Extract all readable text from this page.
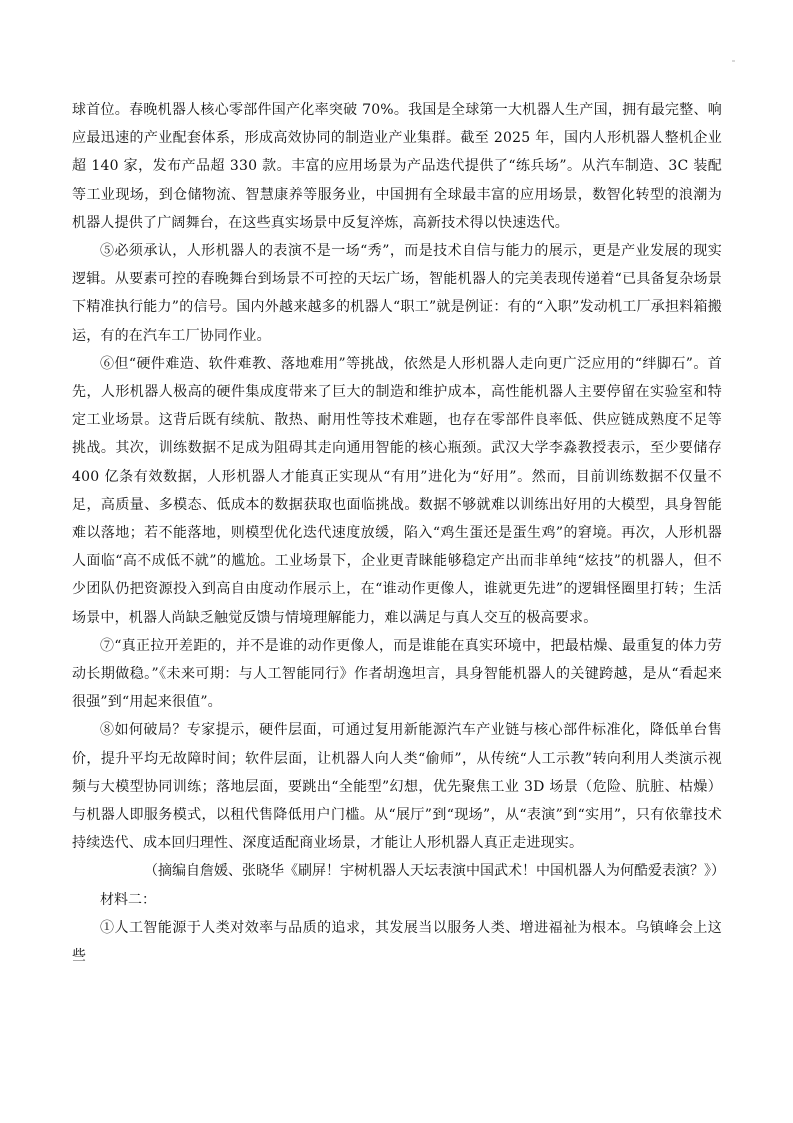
球首位。春晚机器人核心零部件国产化率突破 70%。我国是全球第一大机器人生产国，拥有最完整、响应最迅速的产业配套体系，形成高效协同的制造业产业集群。截至 2025 年，国内人形机器人整机企业超 140 家，发布产品超 330 款。丰富的应用场景为产品迭代提供了“练兵场”。从汽车制造、3C 装配等工业现场，到仓储物流、智慧康养等服务业，中国拥有全球最丰富的应用场景，数智化转型的浪潮为机器人提供了广阔舞台，在这些真实场景中反复淬炼，高新技术得以快速迭代。

⑤必须承认，人形机器人的表演不是一场“秀”，而是技术自信与能力的展示，更是产业发展的现实逻辑。从要素可控的春晚舞台到场景不可控的天坛广场，智能机器人的完美表现传递着“已具备复杂场景下精准执行能力”的信号。国内外越来越多的机器人“职工”就是例证：有的“入职”发动机工厂承担料箱搬运，有的在汽车工厂协同作业。

⑥但“硬件难造、软件难教、落地难用”等挑战，依然是人形机器人走向更广泛应用的“绊脚石”。首先，人形机器人极高的硬件集成度带来了巨大的制造和维护成本，高性能机器人主要停留在实验室和特定工业场景。这背后既有续航、散热、耐用性等技术难题，也存在零部件良率低、供应链成熟度不足等挑战。其次，训练数据不足成为阻碍其走向通用智能的核心瓶颈。武汉大学李淼教授表示，至少要储存 400 亿条有效数据，人形机器人才能真正实现从“有用”进化为“好用”。然而，目前训练数据不仅量不足，高质量、多模态、低成本的数据获取也面临挑战。数据不够就难以训练出好用的大模型，具身智能难以落地；若不能落地，则模型优化迭代速度放缓，陷入“鸡生蛋还是蛋生鸡”的窘境。再次，人形机器人面临“高不成低不就”的尴尬。工业场景下，企业更青睐能够稳定产出而非单纯“炫技”的机器人，但不少团队仍把资源投入到高自由度动作展示上，在“谁动作更像人，谁就更先进”的逻辑怪圈里打转；生活场景中，机器人尚缺乏触觉反馈与情境理解能力，难以满足与真人交互的极高要求。

⑦“真正拉开差距的，并不是谁的动作更像人，而是谁能在真实环境中，把最枯燥、最重复的体力劳动长期做稳。”《未来可期：与人工智能同行》作者胡逸坦言，具身智能机器人的关键跨越，是从“看起来很强”到“用起来很值”。

⑧如何破局？专家提示，硬件层面，可通过复用新能源汽车产业链与核心部件标准化，降低单台售价，提升平均无故障时间；软件层面，让机器人向人类“偷师”，从传统“人工示教”转向利用人类演示视频与大模型协同训练；落地层面，要跳出“全能型”幻想，优先聚焦工业 3D 场景（危险、肮脏、枯燥）与机器人即服务模式，以租代售降低用户门槛。从“展厅”到“现场”，从“表演”到“实用”，只有依靠技术持续迭代、成本回归理性、深度适配商业场景，才能让人形机器人真正走进现实。

（摘编自詹媛、张晓华《刷屏！宇树机器人天坛表演中国武术！中国机器人为何酷爱表演？》）

材料二：

①人工智能源于人类对效率与品质的追求，其发展当以服务人类、增进福祉为根本。乌镇峰会上这些
